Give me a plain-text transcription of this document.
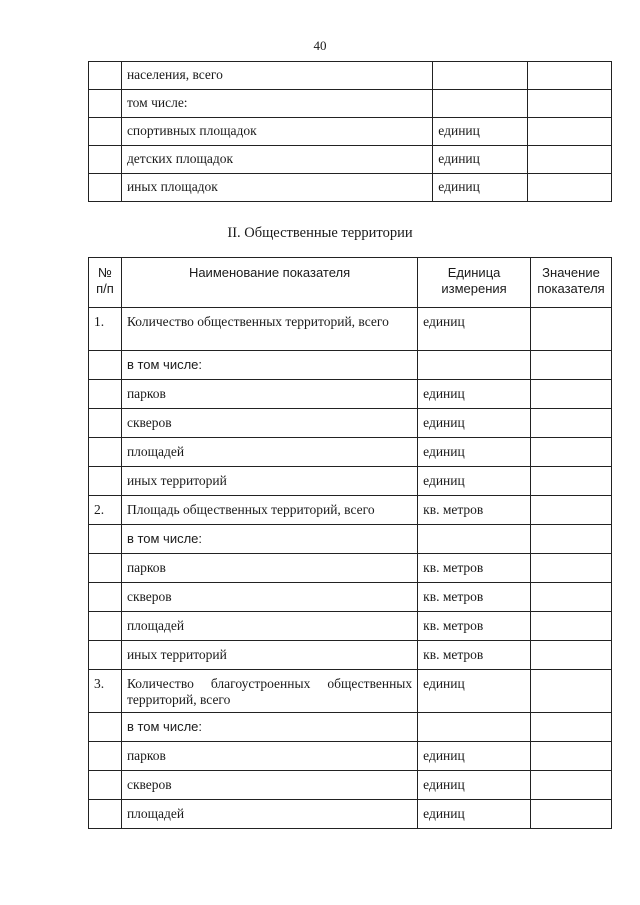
40
	населения, всего		
	том числе:		
	спортивных площадок	единиц	
	детских площадок	единиц	
	иных площадок	единиц	
II. Общественные территории
№ п/п	Наименование показателя	Единица измерения	Значение показателя
1.	Количество общественных территорий, всего	единиц	
	в том числе:		
	парков	единиц	
	скверов	единиц	
	площадей	единиц	
	иных территорий	единиц	
2.	Площадь общественных территорий, всего	кв. метров	
	в том числе:		
	парков	кв. метров	
	скверов	кв. метров	
	площадей	кв. метров	
	иных территорий	кв. метров	
3.	Количество благоустроенных общественных территорий, всего	единиц	
	в том числе:		
	парков	единиц	
	скверов	единиц	
	площадей	единиц	
